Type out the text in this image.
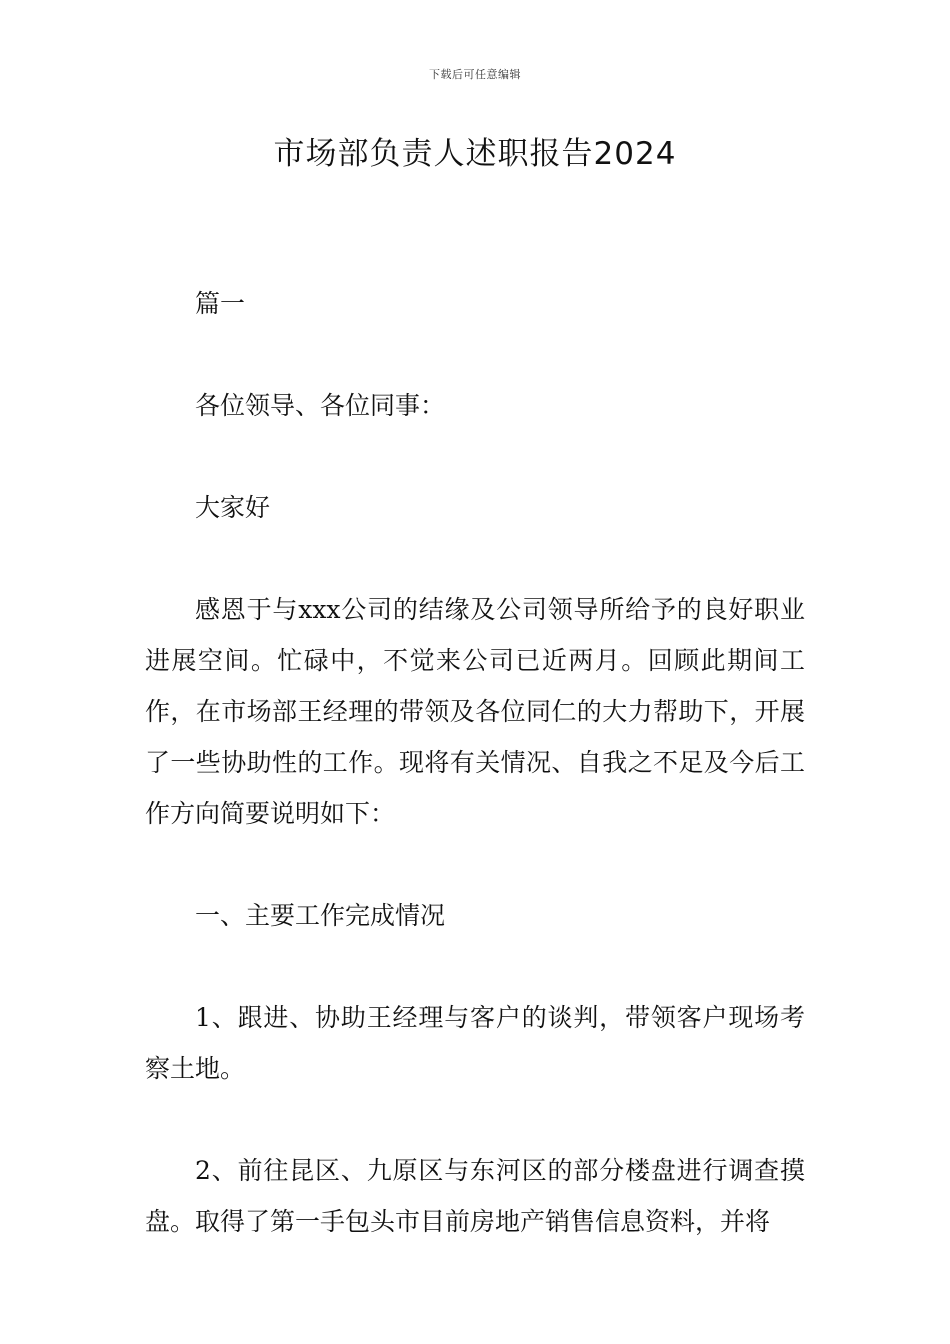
下载后可任意编辑
市场部负责人述职报告2024

篇一

各位领导、各位同事：

大家好

感恩于与xxx公司的结缘及公司领导所给予的良好职业进展空间。忙碌中，不觉来公司已近两月。回顾此期间工作，在市场部王经理的带领及各位同仁的大力帮助下，开展了一些协助性的工作。现将有关情况、自我之不足及今后工作方向简要说明如下：

一、主要工作完成情况

1、跟进、协助王经理与客户的谈判，带领客户现场考察土地。

2、前往昆区、九原区与东河区的部分楼盘进行调查摸盘。取得了第一手包头市目前房地产销售信息资料，并将
